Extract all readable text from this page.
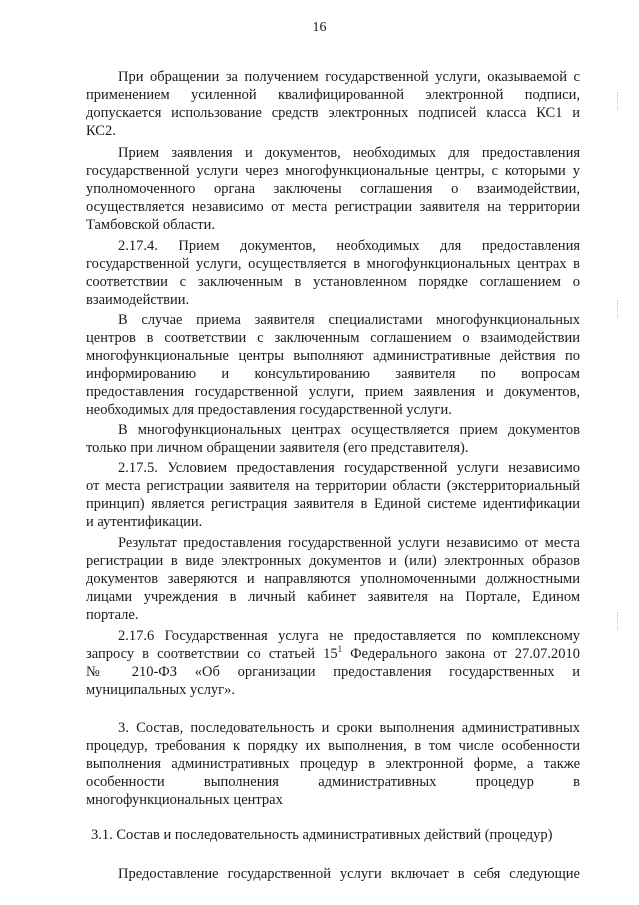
16
При обращении за получением государственной услуги, оказываемой с
применением усиленной квалифицированной электронной подписи,
допускается использование средств электронных подписей класса КС1 и
КС2.
Прием заявления и документов, необходимых для предоставления
государственной услуги через многофункциональные центры, с которыми у
уполномоченного органа заключены соглашения о взаимодействии,
осуществляется независимо от места регистрации заявителя на территории
Тамбовской области.
2.17.4. Прием документов, необходимых для предоставления
государственной услуги, осуществляется в многофункциональных центрах в
соответствии с заключенным в установленном порядке соглашением о
взаимодействии.
В случае приема заявителя специалистами многофункциональных
центров в соответствии с заключенным соглашением о взаимодействии
многофункциональные центры выполняют административные действия по
информированию и консультированию заявителя по вопросам
предоставления государственной услуги, прием заявления и документов,
необходимых для предоставления государственной услуги.
В многофункциональных центрах осуществляется прием документов
только при личном обращении заявителя (его представителя).
2.17.5. Условием предоставления государственной услуги независимо
от места регистрации заявителя на территории области (экстерриториальный
принцип) является регистрация заявителя в Единой системе идентификации
и аутентификации.
Результат предоставления государственной услуги независимо от места
регистрации в виде электронных документов и (или) электронных образов
документов заверяются и направляются уполномоченными должностными
лицами учреждения в личный кабинет заявителя на Портале, Едином
портале.
2.17.6 Государственная услуга не предоставляется по комплексному
запросу в соответствии со статьей $15^1$ Федерального закона от 27.07.2010
№ 210-ФЗ «Об организации предоставления государственных и
муниципальных услуг».
3. Состав, последовательность и сроки выполнения административных
процедур, требования к порядку их выполнения, в том числе особенности
выполнения административных процедур в электронной форме, а также
особенности выполнения административных процедур в
многофункциональных центрах
3.1. Состав и последовательность административных действий (процедур)
Предоставление государственной услуги включает в себя следующие
